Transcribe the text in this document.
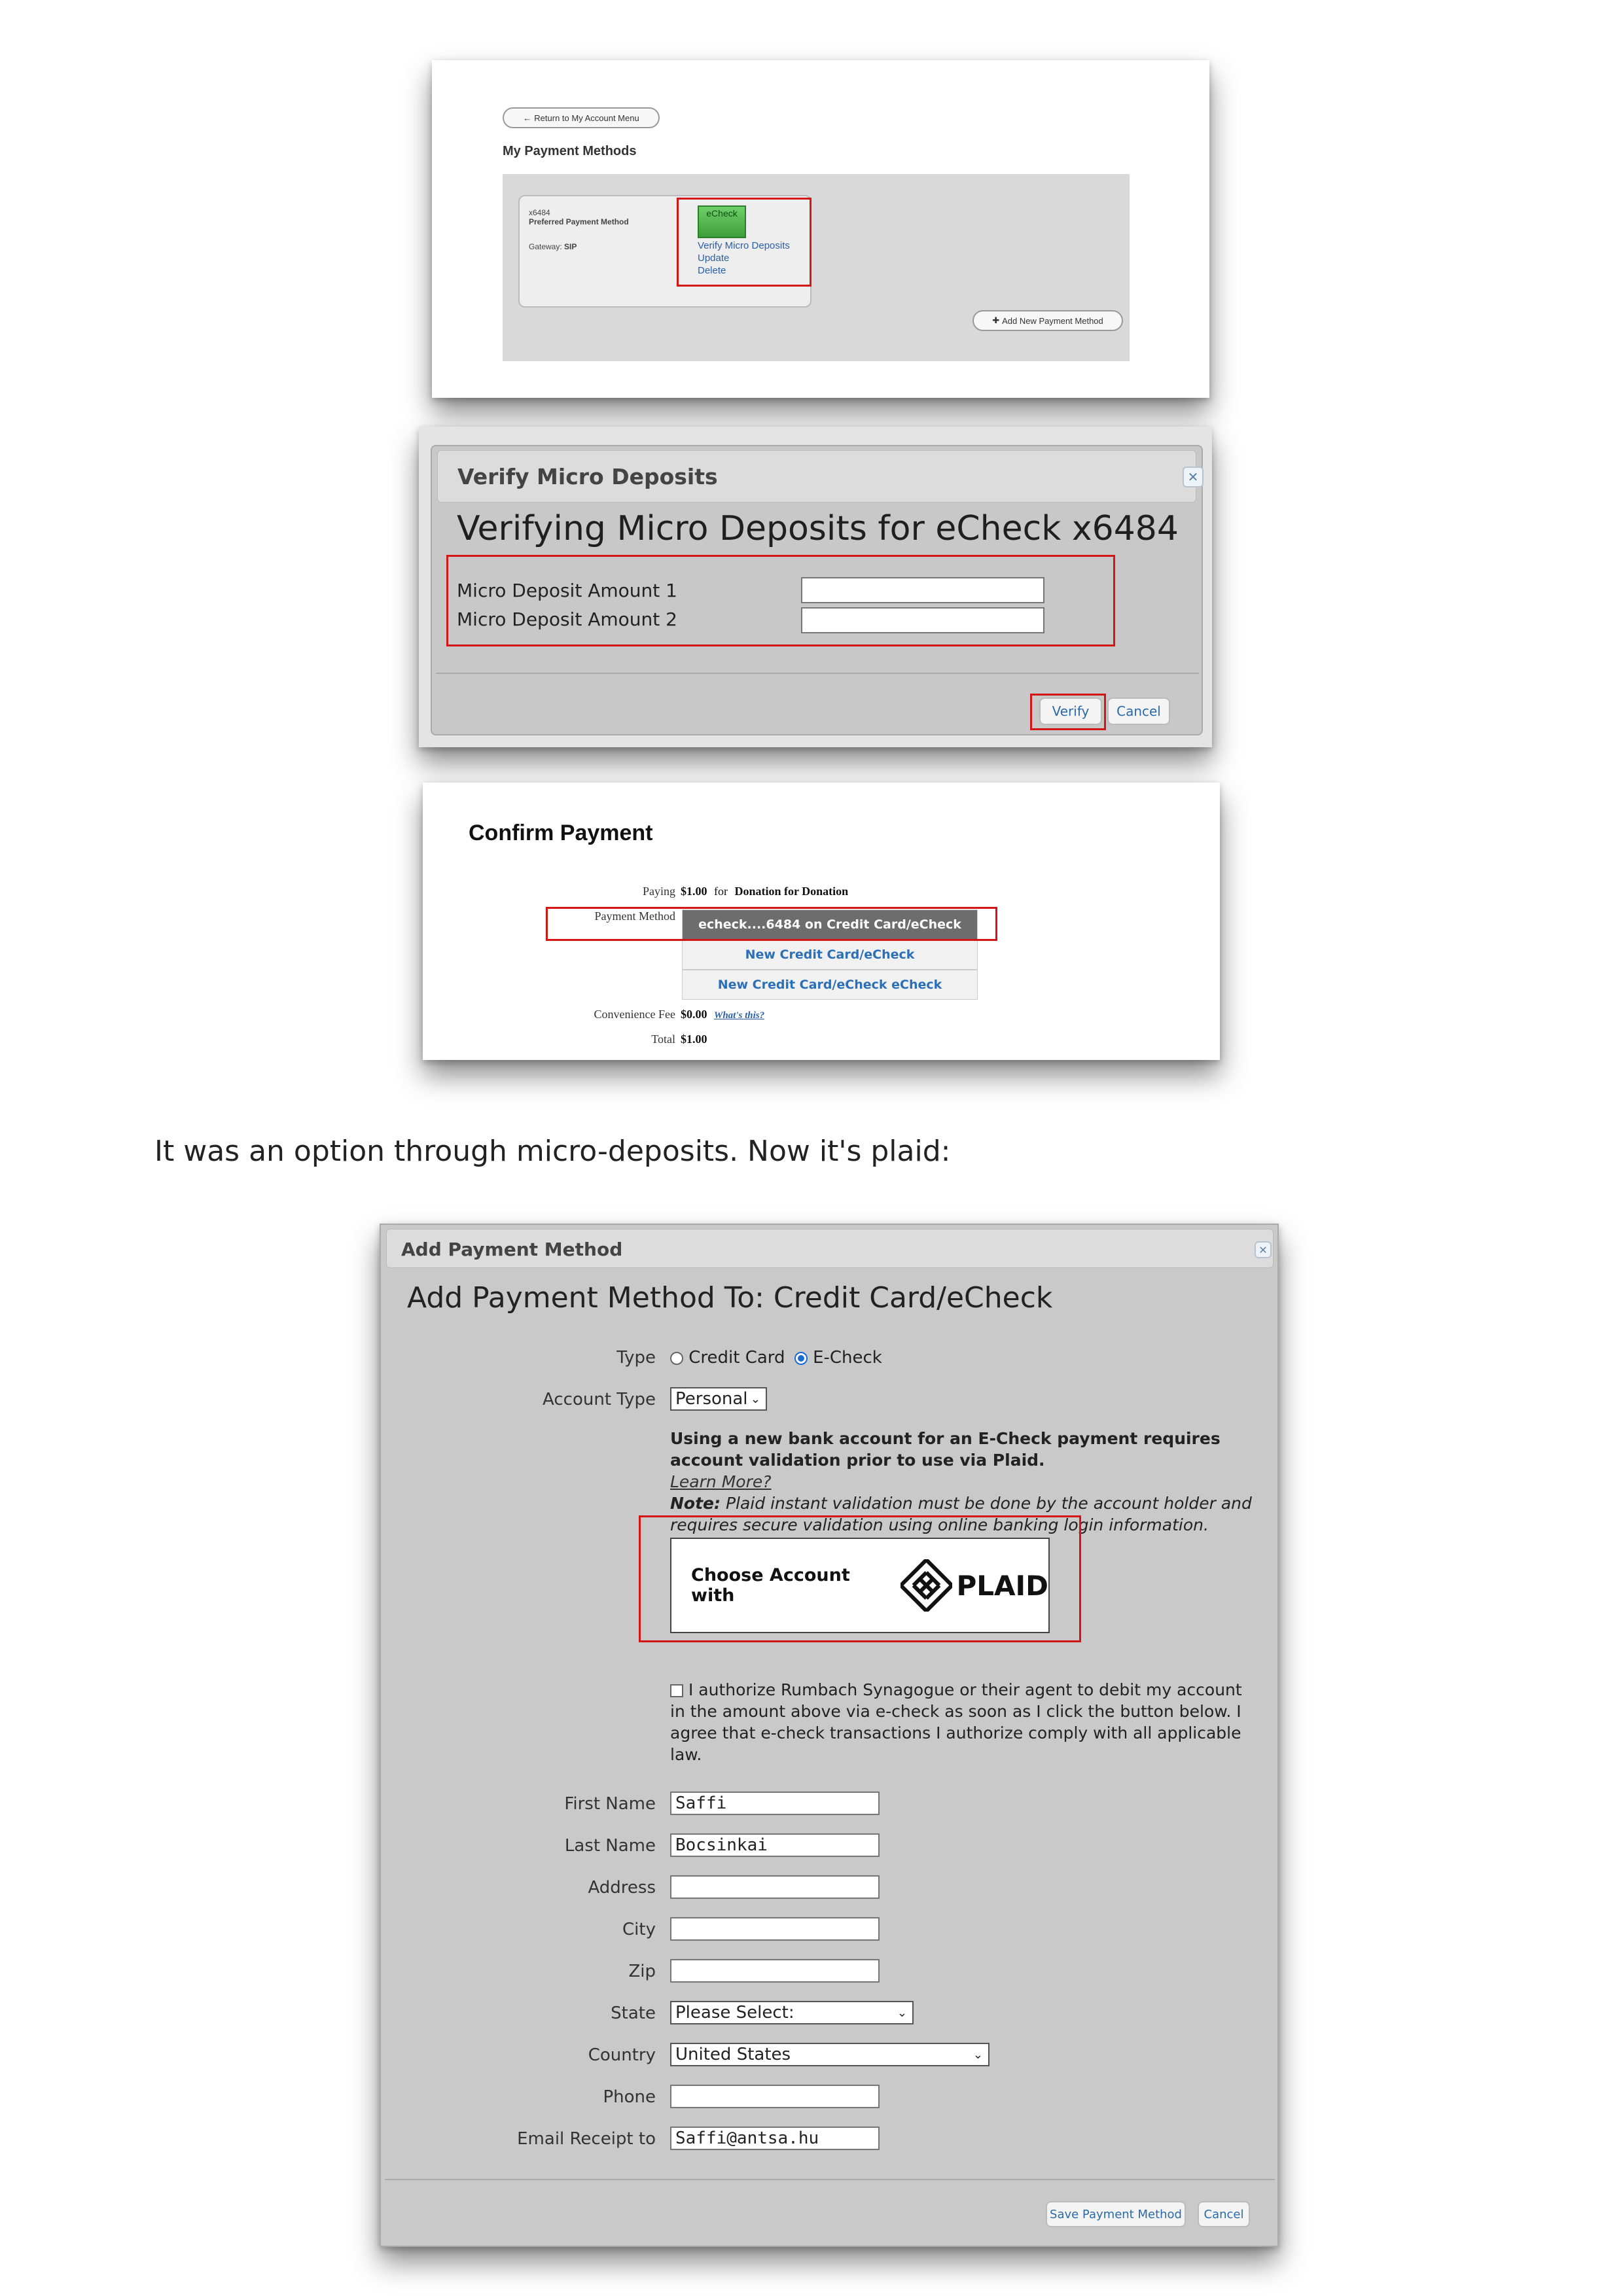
← Return to My Account Menu
My Payment Methods
x6484
Preferred Payment Method
Gateway: SIP
eCheck
Verify Micro Deposits
Update
Delete
✚ Add New Payment Method
Verify Micro Deposits	✕
Verifying Micro Deposits for eCheck x6484
Micro Deposit Amount 1
Micro Deposit Amount 2
Verify	Cancel
Confirm Payment
Paying $1.00 for Donation for Donation
Payment Method
echeck....6484 on Credit Card/eCheck
New Credit Card/eCheck
New Credit Card/eCheck eCheck
Convenience Fee $0.00 What's this?
Total $1.00
It was an option through micro-deposits. Now it's plaid:
Add Payment Method	✕
Add Payment Method To: Credit Card/eCheck
Type	Credit Card E-Check
Account Type Personal ⌄
Using a new bank account for an E-Check payment requires account validation prior to use via Plaid.
Learn More?
Note: Plaid instant validation must be done by the account holder and requires secure validation using online banking login information.
Choose Account with	PLAID
I authorize Rumbach Synagogue or their agent to debit my account in the amount above via e-check as soon as I click the button below. I agree that e-check transactions I authorize comply with all applicable law.
First Name	Saffi
Last Name	Bocsinkai
Address
City
Zip
State Please Select:	⌄
Country United States	⌄
Phone
Email Receipt to	Saffi@antsa.hu
Save Payment Method	Cancel
